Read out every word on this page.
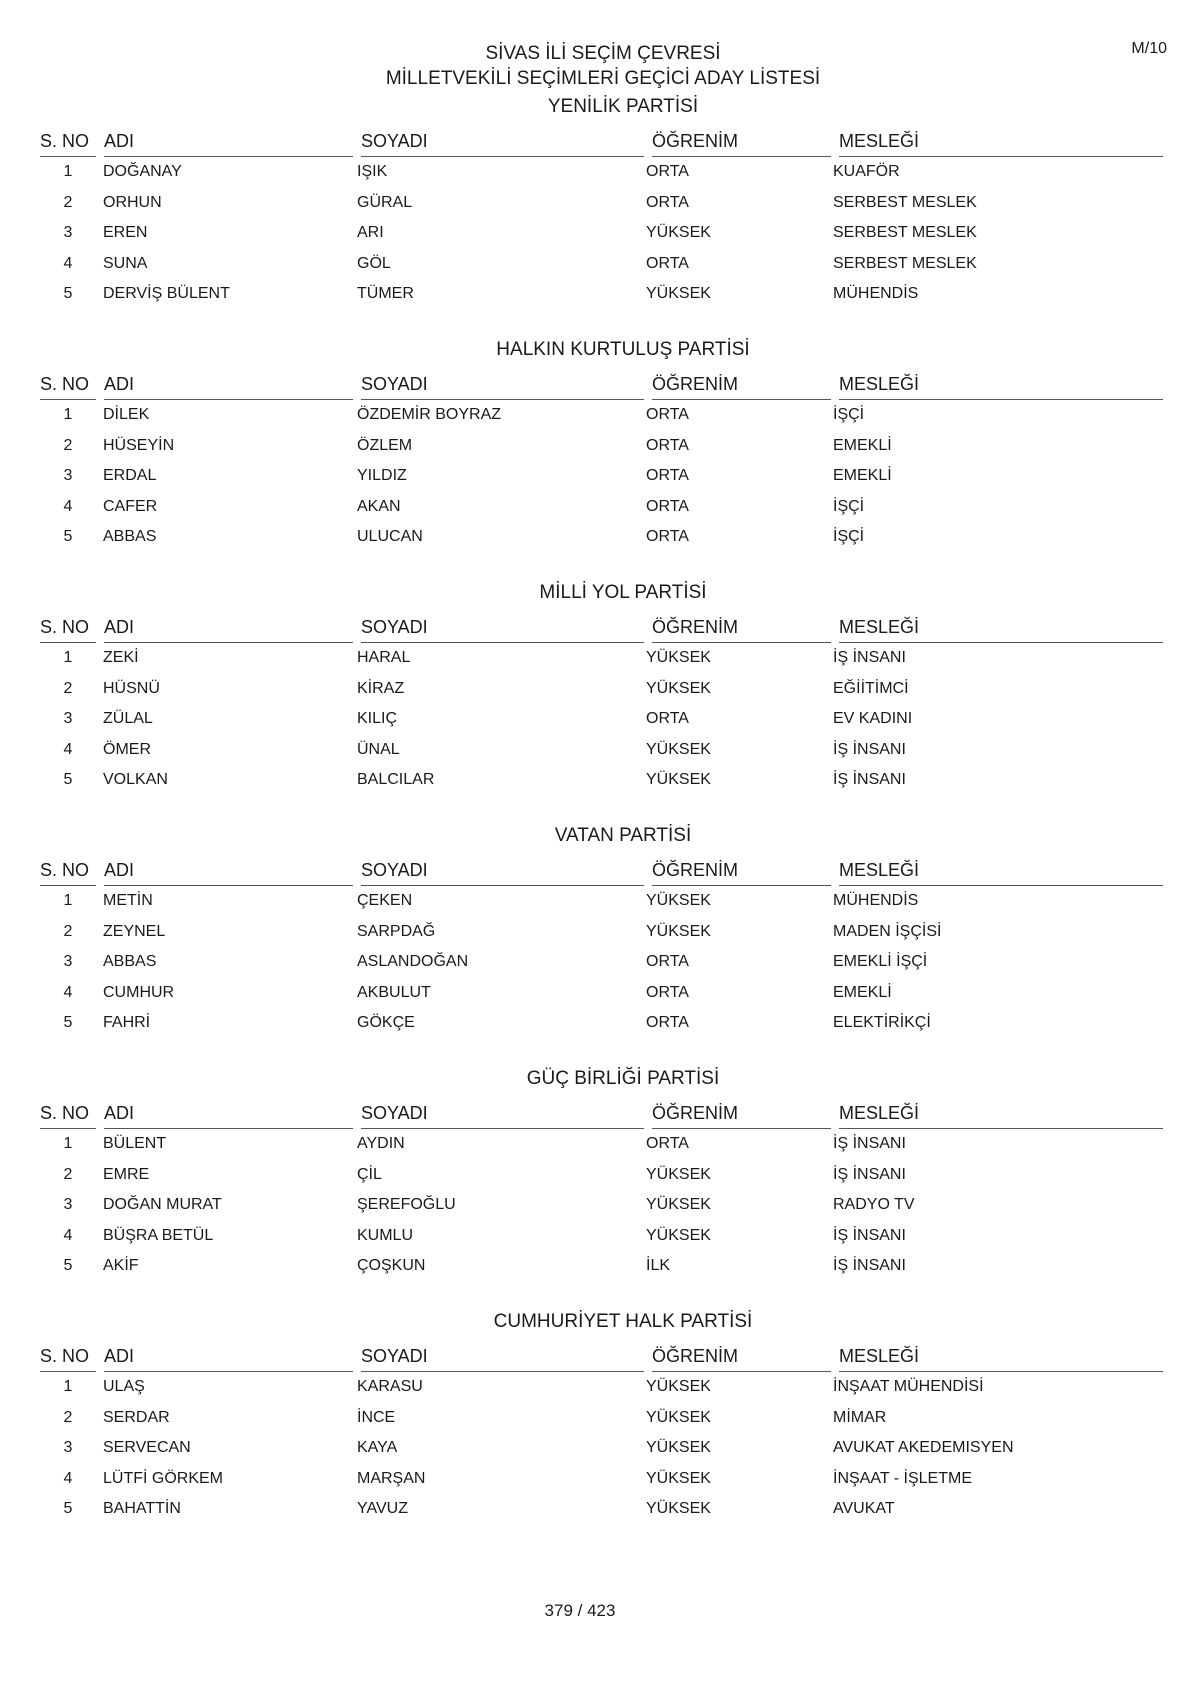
M/10
SİVAS İLİ SEÇİM ÇEVRESİ
MİLLETVEKİLİ SEÇİMLERİ GEÇİCİ ADAY LİSTESİ
YENİLİK PARTİSİ
S. NO ADI	SOYADI	ÖĞRENİM	MESLEĞİ
1	DOĞANAY	IŞIK	ORTA	KUAFÖR
2	ORHUN	GÜRAL	ORTA	SERBEST MESLEK
3	EREN	ARI	YÜKSEK	SERBEST MESLEK
4	SUNA	GÖL	ORTA	SERBEST MESLEK
5	DERVİŞ BÜLENT	TÜMER	YÜKSEK	MÜHENDİS
HALKIN KURTULUŞ PARTİSİ
S. NO ADI	SOYADI	ÖĞRENİM	MESLEĞİ
1	DİLEK	ÖZDEMİR BOYRAZ	ORTA	İŞÇİ
2	HÜSEYİN	ÖZLEM	ORTA	EMEKLİ
3	ERDAL	YILDIZ	ORTA	EMEKLİ
4	CAFER	AKAN	ORTA	İŞÇİ
5	ABBAS	ULUCAN	ORTA	İŞÇİ
MİLLİ YOL PARTİSİ
S. NO ADI	SOYADI	ÖĞRENİM	MESLEĞİ
1	ZEKİ	HARAL	YÜKSEK	İŞ İNSANI
2	HÜSNÜ	KİRAZ	YÜKSEK	EĞİİTİMCİ
3	ZÜLAL	KILIÇ	ORTA	EV KADINI
4	ÖMER	ÜNAL	YÜKSEK	İŞ İNSANI
5	VOLKAN	BALCILAR	YÜKSEK	İŞ İNSANI
VATAN PARTİSİ
S. NO ADI	SOYADI	ÖĞRENİM	MESLEĞİ
1	METİN	ÇEKEN	YÜKSEK	MÜHENDİS
2	ZEYNEL	SARPDAĞ	YÜKSEK	MADEN İŞÇİSİ
3	ABBAS	ASLANDOĞAN	ORTA	EMEKLİ İŞÇİ
4	CUMHUR	AKBULUT	ORTA	EMEKLİ
5	FAHRİ	GÖKÇE	ORTA	ELEKTİRİKÇİ
GÜÇ BİRLİĞİ PARTİSİ
S. NO ADI	SOYADI	ÖĞRENİM	MESLEĞİ
1	BÜLENT	AYDIN	ORTA	İŞ İNSANI
2	EMRE	ÇİL	YÜKSEK	İŞ İNSANI
3	DOĞAN MURAT	ŞEREFOĞLU	YÜKSEK	RADYO TV
4	BÜŞRA BETÜL	KUMLU	YÜKSEK	İŞ İNSANI
5	AKİF	ÇOŞKUN	İLK	İŞ İNSANI
CUMHURİYET HALK PARTİSİ
S. NO ADI	SOYADI	ÖĞRENİM	MESLEĞİ
1	ULAŞ	KARASU	YÜKSEK	İNŞAAT MÜHENDİSİ
2	SERDAR	İNCE	YÜKSEK	MİMAR
3	SERVECAN	KAYA	YÜKSEK	AVUKAT AKEDEMISYEN
4	LÜTFİ GÖRKEM	MARŞAN	YÜKSEK	İNŞAAT - İŞLETME
5	BAHATTİN	YAVUZ	YÜKSEK	AVUKAT
379 / 423
